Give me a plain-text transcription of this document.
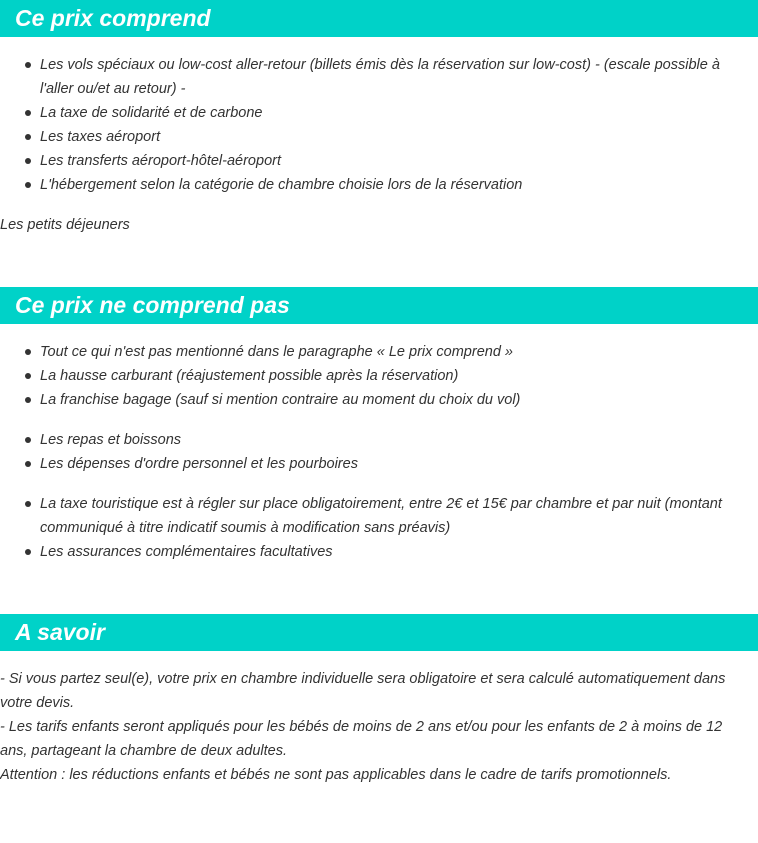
Ce prix comprend
Les vols spéciaux ou low-cost aller-retour (billets émis dès la réservation sur low-cost) - (escale possible à l'aller ou/et au retour) -
La taxe de solidarité et de carbone
Les taxes aéroport
Les transferts aéroport-hôtel-aéroport
L'hébergement selon la catégorie de chambre choisie lors de la réservation

Les petits déjeuners

Ce prix ne comprend pas
Tout ce qui n'est pas mentionné dans le paragraphe « Le prix comprend »
La hausse carburant (réajustement possible après la réservation)
La franchise bagage (sauf si mention contraire au moment du choix du vol)
Les repas et boissons
Les dépenses d'ordre personnel et les pourboires
La taxe touristique est à régler sur place obligatoirement, entre 2€ et 15€ par chambre et par nuit (montant communiqué à titre indicatif soumis à modification sans préavis)
Les assurances complémentaires facultatives
A savoir
- Si vous partez seul(e), votre prix en chambre individuelle sera obligatoire et sera calculé automatiquement dans votre devis.
- Les tarifs enfants seront appliqués pour les bébés de moins de 2 ans et/ou pour les enfants de 2 à moins de 12 ans, partageant la chambre de deux adultes.
Attention : les réductions enfants et bébés ne sont pas applicables dans le cadre de tarifs promotionnels.
